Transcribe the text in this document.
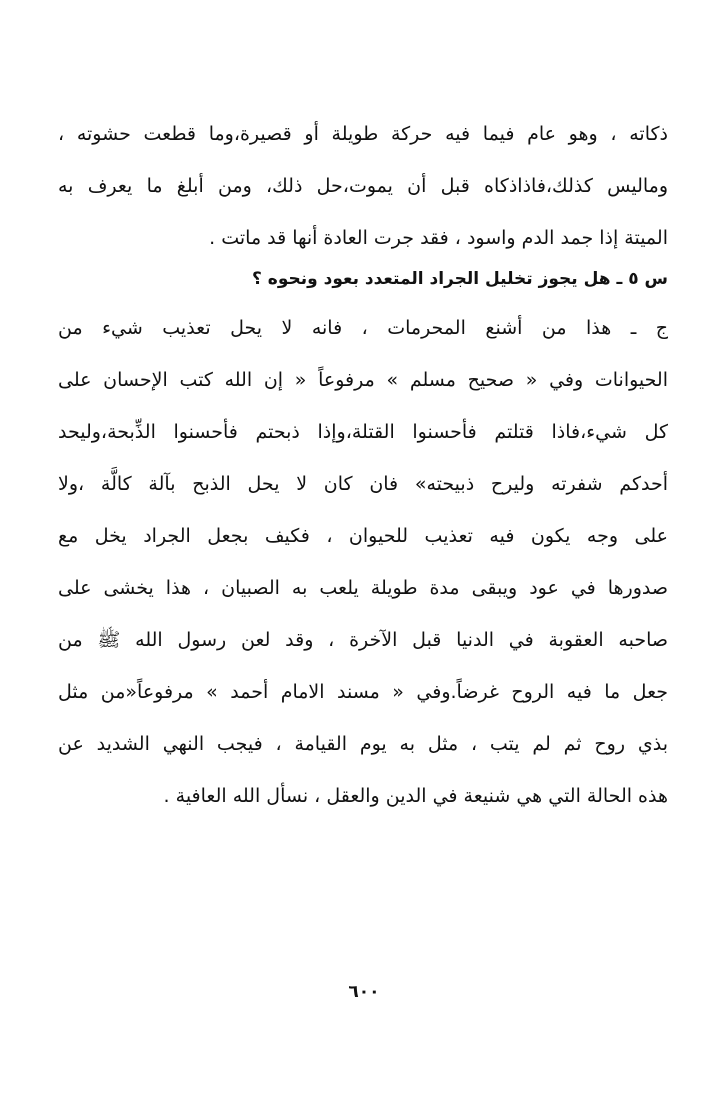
ذكاته ، وهو عام فيما فيه حركة طويلة أو قصيرة،وما قطعت حشوته ،
وماليس كذلك،فاذاذكاه قبل أن يموت،حل ذلك، ومن أبلغ ما يعرف به
الميتة إذا جمد الدم واسود ، فقد جرت العادة أنها قد ماتت .
س ٥ ـ هل يجوز تخليل الجراد المتعدد بعود ونحوه ؟
ج ـ هذا من أشنع المحرمات ، فانه لا يحل تعذيب شيء من
الحيوانات وفي « صحيح مسلم » مرفوعاً « إن الله كتب الإحسان على
كل شيء،فاذا قتلتم فأحسنوا القتلة،وإذا ذبحتم فأحسنوا الذِّبحة،وليحد
أحدكم شفرته وليرح ذبيحته» فان كان لا يحل الذبح بآلة كالَّة ،ولا
على وجه يكون فيه تعذيب للحيوان ، فكيف بجعل الجراد يخل مع
صدورها في عود ويبقى مدة طويلة يلعب به الصبيان ، هذا يخشى على
صاحبه العقوبة في الدنيا قبل الآخرة ، وقد لعن رسول الله ﷺ من
جعل ما فيه الروح غرضاً.وفي « مسند الامام أحمد » مرفوعاً«من مثل
بذي روح ثم لم يتب ، مثل به يوم القيامة ، فيجب النهي الشديد عن
هذه الحالة التي هي شنيعة في الدين والعقل ، نسأل الله العافية .
٦٠٠
